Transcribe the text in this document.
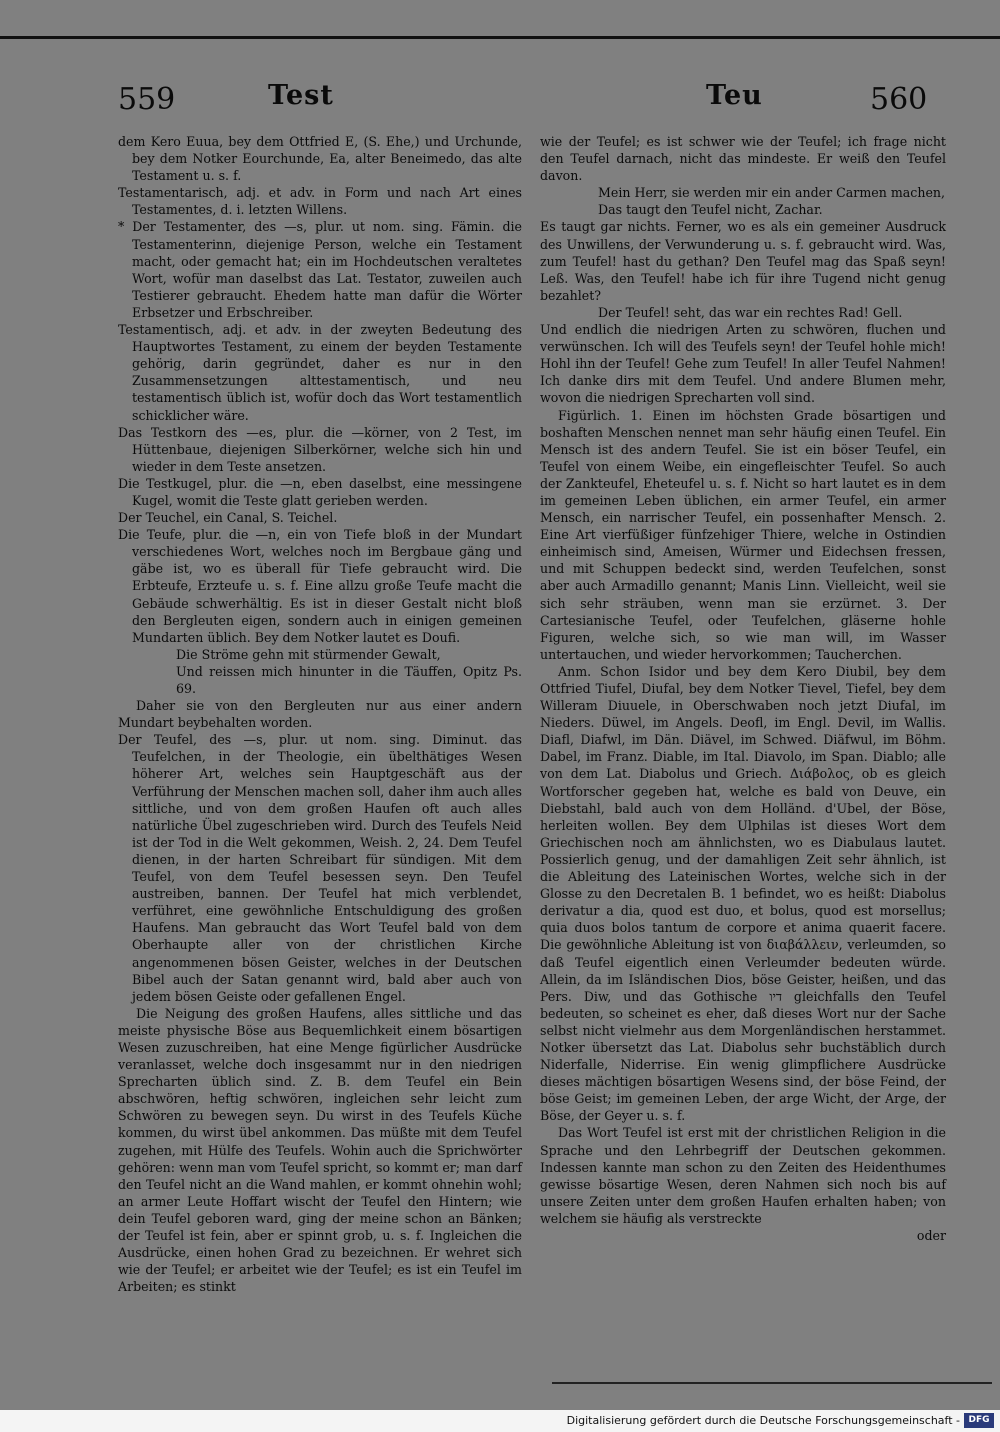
559	Test	Teu	560

dem Kero Euua, bey dem Ottfried E, (S. Ehe,) und Urchunde, bey dem Notker Eourchunde, Ea, alter Beneimedo, das alte Testament u. s. f.

Testamentarisch, adj. et adv. in Form und nach Art eines Testamentes, d. i. letzten Willens.

* Der Testamenter, des —s, plur. ut nom. sing. Fämin. die Testamenterinn, diejenige Person, welche ein Testament macht, oder gemacht hat; ein im Hochdeutschen veraltetes Wort, wofür man daselbst das Lat. Testator, zuweilen auch Testierer gebraucht. Ehedem hatte man dafür die Wörter Erbsetzer und Erbschreiber.

Testamentisch, adj. et adv. in der zweyten Bedeutung des Hauptwortes Testament, zu einem der beyden Testamente gehörig, darin gegründet, daher es nur in den Zusammensetzungen alttestamentisch, und neu testamentisch üblich ist, wofür doch das Wort testamentlich schicklicher wäre.

Das Testkorn des —es, plur. die —körner, von 2 Test, im Hüttenbaue, diejenigen Silberkörner, welche sich hin und wieder in dem Teste ansetzen.

Die Testkugel, plur. die —n, eben daselbst, eine messingene Kugel, womit die Teste glatt gerieben werden.

Der Teuchel, ein Canal, S. Teichel.

Die Teufe, plur. die —n, ein von Tiefe bloß in der Mundart verschiedenes Wort, welches noch im Bergbaue gäng und gäbe ist, wo es überall für Tiefe gebraucht wird. Die Erbteufe, Erzteufe u. s. f. Eine allzu große Teufe macht die Gebäude schwerhältig. Es ist in dieser Gestalt nicht bloß den Bergleuten eigen, sondern auch in einigen gemeinen Mundarten üblich. Bey dem Notker lautet es Doufi.

Die Ströme gehn mit stürmender Gewalt,

Und reissen mich hinunter in die Täuffen, Opitz Ps. 69.

Daher sie von den Bergleuten nur aus einer andern Mundart beybehalten worden.

Der Teufel, des —s, plur. ut nom. sing. Diminut. das Teufelchen, in der Theologie, ein übelthätiges Wesen höherer Art, welches sein Hauptgeschäft aus der Verführung der Menschen machen soll, daher ihm auch alles sittliche, und von dem großen Haufen oft auch alles natürliche Übel zugeschrieben wird. Durch des Teufels Neid ist der Tod in die Welt gekommen, Weish. 2, 24. Dem Teufel dienen, in der harten Schreibart für sündigen. Mit dem Teufel, von dem Teufel besessen seyn. Den Teufel austreiben, bannen. Der Teufel hat mich verblendet, verführet, eine gewöhnliche Entschuldigung des großen Haufens. Man gebraucht das Wort Teufel bald von dem Oberhaupte aller von der christlichen Kirche angenommenen bösen Geister, welches in der Deutschen Bibel auch der Satan genannt wird, bald aber auch von jedem bösen Geiste oder gefallenen Engel.

Die Neigung des großen Haufens, alles sittliche und das meiste physische Böse aus Bequemlichkeit einem bösartigen Wesen zuzuschreiben, hat eine Menge figürlicher Ausdrücke veranlasset, welche doch insgesammt nur in den niedrigen Sprecharten üblich sind. Z. B. dem Teufel ein Bein abschwören, heftig schwören, ingleichen sehr leicht zum Schwören zu bewegen seyn. Du wirst in des Teufels Küche kommen, du wirst übel ankommen. Das müßte mit dem Teufel zugehen, mit Hülfe des Teufels. Wohin auch die Sprichwörter gehören: wenn man vom Teufel spricht, so kommt er; man darf den Teufel nicht an die Wand mahlen, er kommt ohnehin wohl; an armer Leute Hoffart wischt der Teufel den Hintern; wie dein Teufel geboren ward, ging der meine schon an Bänken; der Teufel ist fein, aber er spinnt grob, u. s. f. Ingleichen die Ausdrücke, einen hohen Grad zu bezeichnen. Er wehret sich wie der Teufel; er arbeitet wie der Teufel; es ist ein Teufel im Arbeiten; es stinkt

wie der Teufel; es ist schwer wie der Teufel; ich frage nicht den Teufel darnach, nicht das mindeste. Er weiß den Teufel davon.

Mein Herr, sie werden mir ein ander Carmen machen,

Das taugt den Teufel nicht, Zachar.

Es taugt gar nichts. Ferner, wo es als ein gemeiner Ausdruck des Unwillens, der Verwunderung u. s. f. gebraucht wird. Was, zum Teufel! hast du gethan? Den Teufel mag das Spaß seyn! Leß. Was, den Teufel! habe ich für ihre Tugend nicht genug bezahlet?

Der Teufel! seht, das war ein rechtes Rad! Gell.

Und endlich die niedrigen Arten zu schwören, fluchen und verwünschen. Ich will des Teufels seyn! der Teufel hohle mich! Hohl ihn der Teufel! Gehe zum Teufel! In aller Teufel Nahmen! Ich danke dirs mit dem Teufel. Und andere Blumen mehr, wovon die niedrigen Sprecharten voll sind.

Figürlich. 1. Einen im höchsten Grade bösartigen und boshaften Menschen nennet man sehr häufig einen Teufel. Ein Mensch ist des andern Teufel. Sie ist ein böser Teufel, ein Teufel von einem Weibe, ein eingefleischter Teufel. So auch der Zankteufel, Eheteufel u. s. f. Nicht so hart lautet es in dem im gemeinen Leben üblichen, ein armer Teufel, ein armer Mensch, ein narrischer Teufel, ein possenhafter Mensch. 2. Eine Art vierfüßiger fünfzehiger Thiere, welche in Ostindien einheimisch sind, Ameisen, Würmer und Eidechsen fressen, und mit Schuppen bedeckt sind, werden Teufelchen, sonst aber auch Armadillo genannt; Manis Linn. Vielleicht, weil sie sich sehr sträuben, wenn man sie erzürnet. 3. Der Cartesianische Teufel, oder Teufelchen, gläserne hohle Figuren, welche sich, so wie man will, im Wasser untertauchen, und wieder hervorkommen; Taucherchen.

Anm. Schon Isidor und bey dem Kero Diubil, bey dem Ottfried Tiufel, Diufal, bey dem Notker Tievel, Tiefel, bey dem Willeram Diuuele, in Oberschwaben noch jetzt Diufal, im Nieders. Düwel, im Angels. Deofl, im Engl. Devil, im Wallis. Diafl, Diafwl, im Dän. Diävel, im Schwed. Diäfwul, im Böhm. Dabel, im Franz. Diable, im Ital. Diavolo, im Span. Diablo; alle von dem Lat. Diabolus und Griech. Διάβολος, ob es gleich Wortforscher gegeben hat, welche es bald von Deuve, ein Diebstahl, bald auch von dem Holländ. d'Ubel, der Böse, herleiten wollen. Bey dem Ulphilas ist dieses Wort dem Griechischen noch am ähnlichsten, wo es Diabulaus lautet. Possierlich genug, und der damahligen Zeit sehr ähnlich, ist die Ableitung des Lateinischen Wortes, welche sich in der Glosse zu den Decretalen B. 1 befindet, wo es heißt: Diabolus derivatur a dia, quod est duo, et bolus, quod est morsellus; quia duos bolos tantum de corpore et anima quaerit facere. Die gewöhnliche Ableitung ist von διαβάλλειν, verleumden, so daß Teufel eigentlich einen Verleumder bedeuten würde. Allein, da im Isländischen Dios, böse Geister, heißen, und das Pers. Diw, und das Gothische דיו gleichfalls den Teufel bedeuten, so scheinet es eher, daß dieses Wort nur der Sache selbst nicht vielmehr aus dem Morgenländischen herstammet. Notker übersetzt das Lat. Diabolus sehr buchstäblich durch Niderfalle, Niderrise. Ein wenig glimpflichere Ausdrücke dieses mächtigen bösartigen Wesens sind, der böse Feind, der böse Geist; im gemeinen Leben, der arge Wicht, der Arge, der Böse, der Geyer u. s. f.

Das Wort Teufel ist erst mit der christlichen Religion in die Sprache und den Lehrbegriff der Deutschen gekommen. Indessen kannte man schon zu den Zeiten des Heidenthumes gewisse bösartige Wesen, deren Nahmen sich noch bis auf unsere Zeiten unter dem großen Haufen erhalten haben; von welchem sie häufig als verstreckte

oder

Digitalisierung gefördert durch die Deutsche Forschungsgemeinschaft - DFG
